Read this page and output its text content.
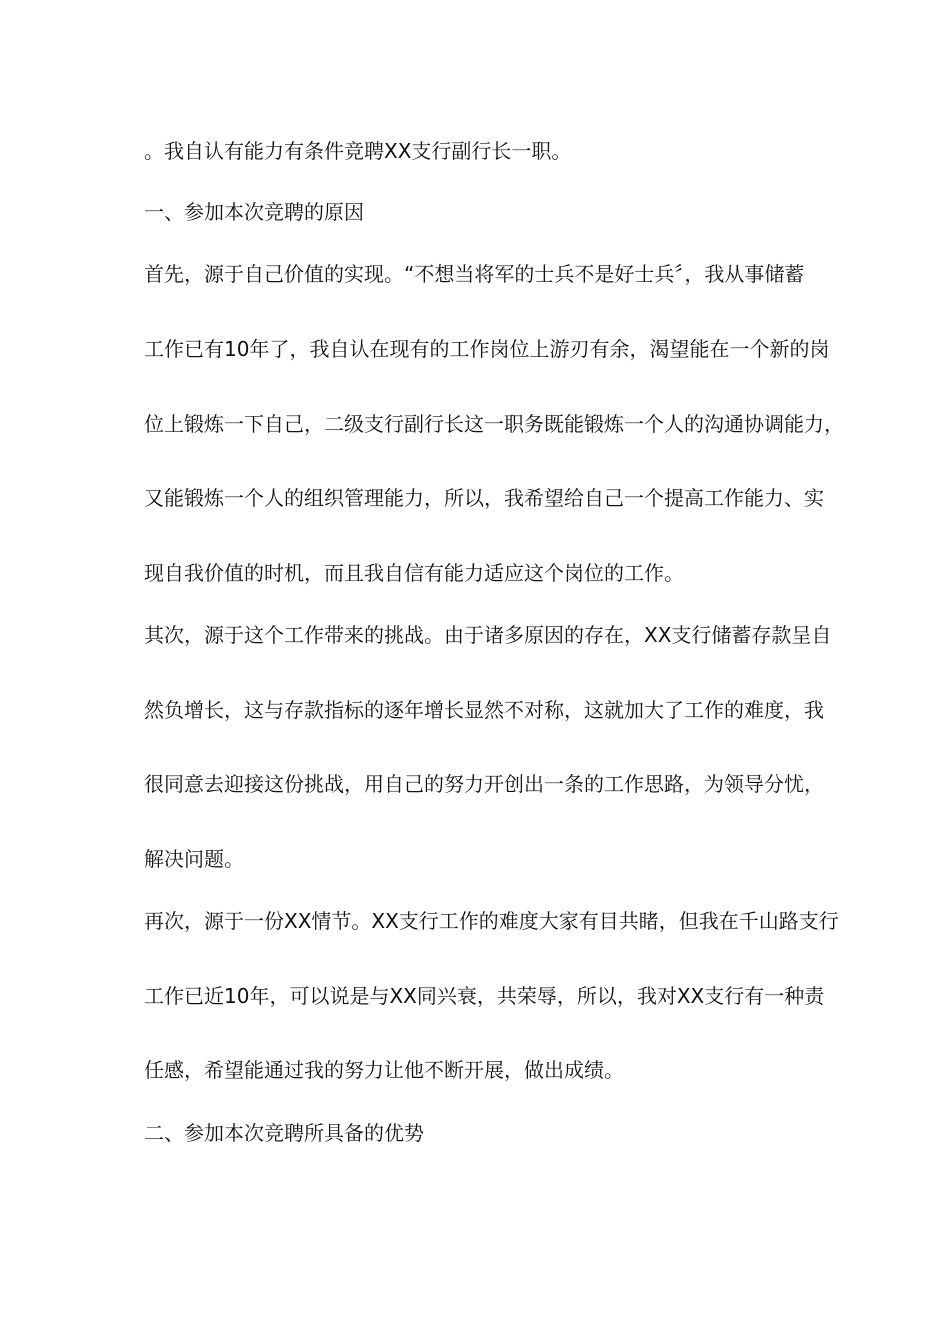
。我自认有能力有条件竞聘XX支行副行长一职。

一、参加本次竞聘的原因

首先，源于自己价值的实现。“不想当将军的士兵不是好士兵〞，我从事储蓄

工作已有10年了，我自认在现有的工作岗位上游刃有余，渴望能在一个新的岗

位上锻炼一下自己，二级支行副行长这一职务既能锻炼一个人的沟通协调能力，

又能锻炼一个人的组织管理能力，所以，我希望给自己一个提高工作能力、实

现自我价值的时机，而且我自信有能力适应这个岗位的工作。

其次，源于这个工作带来的挑战。由于诸多原因的存在，XX支行储蓄存款呈自

然负增长，这与存款指标的逐年增长显然不对称，这就加大了工作的难度，我

很同意去迎接这份挑战，用自己的努力开创出一条的工作思路，为领导分忧，

解决问题。

再次，源于一份XX情节。XX支行工作的难度大家有目共睹，但我在千山路支行

工作已近10年，可以说是与XX同兴衰，共荣辱，所以，我对XX支行有一种责

任感，希望能通过我的努力让他不断开展，做出成绩。

二、参加本次竞聘所具备的优势
